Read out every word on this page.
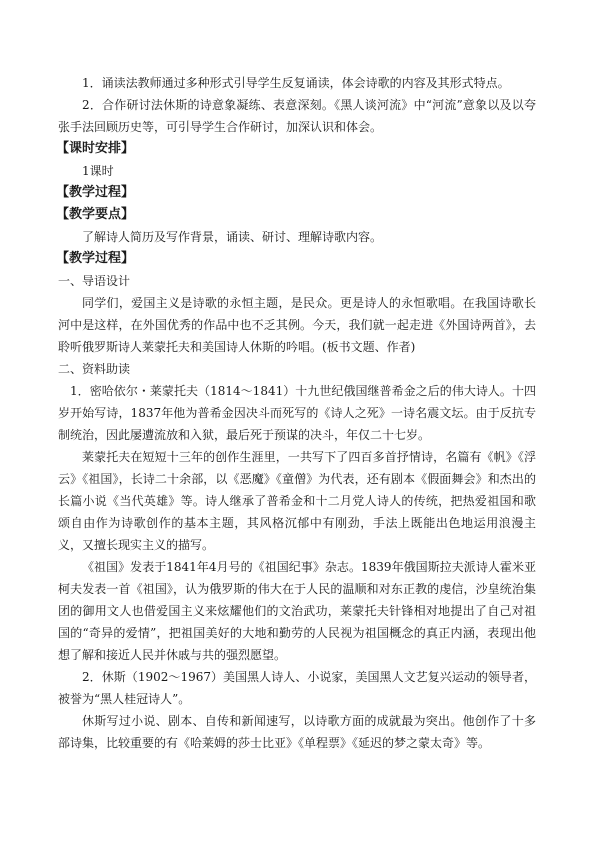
1．诵读法教师通过多种形式引导学生反复诵读，体会诗歌的内容及其形式特点。

2．合作研讨法休斯的诗意象凝练、表意深刻。《黑人谈河流》中“河流”意象以及以夸张手法回顾历史等，可引导学生合作研讨，加深认识和体会。

【课时安排】

1课时

【教学过程】

【教学要点】

了解诗人简历及写作背景，诵读、研讨、理解诗歌内容。

【教学过程】

一、导语设计

同学们，爱国主义是诗歌的永恒主题，是民众。更是诗人的永恒歌唱。在我国诗歌长河中是这样，在外国优秀的作品中也不乏其例。今天，我们就一起走进《外国诗两首》，去聆听俄罗斯诗人莱蒙托夫和美国诗人休斯的吟唱。(板书文题、作者)

二、资料助读

1．密哈依尔・莱蒙托夫（1814～1841）十九世纪俄国继普希金之后的伟大诗人。十四岁开始写诗，1837年他为普希金因决斗而死写的《诗人之死》一诗名震文坛。由于反抗专制统治，因此屡遭流放和入狱，最后死于预谋的决斗，年仅二十七岁。

莱蒙托夫在短短十三年的创作生涯里，一共写下了四百多首抒情诗，名篇有《帆》《浮云》《祖国》，长诗二十余部，以《恶魔》《童僧》为代表，还有剧本《假面舞会》和杰出的长篇小说《当代英雄》等。诗人继承了普希金和十二月党人诗人的传统，把热爱祖国和歌颂自由作为诗歌创作的基本主题，其风格沉郁中有刚劲，手法上既能出色地运用浪漫主义，又擅长现实主义的描写。

《祖国》发表于1841年4月号的《祖国纪事》杂志。1839年俄国斯拉夫派诗人霍米亚柯夫发表一首《祖国》，认为俄罗斯的伟大在于人民的温顺和对东正教的虔信，沙皇统治集团的御用文人也借爱国主义来炫耀他们的文治武功，莱蒙托夫针锋相对地提出了自己对祖国的“奇异的爱情”，把祖国美好的大地和勤劳的人民视为祖国概念的真正内涵，表现出他想了解和接近人民并休戚与共的强烈愿望。

2．休斯（1902～1967）美国黑人诗人、小说家，美国黑人文艺复兴运动的领导者，被誉为“黑人桂冠诗人”。

休斯写过小说、剧本、自传和新闻速写，以诗歌方面的成就最为突出。他创作了十多部诗集，比较重要的有《哈莱姆的莎士比亚》《单程票》《延迟的梦之蒙太奇》等。
